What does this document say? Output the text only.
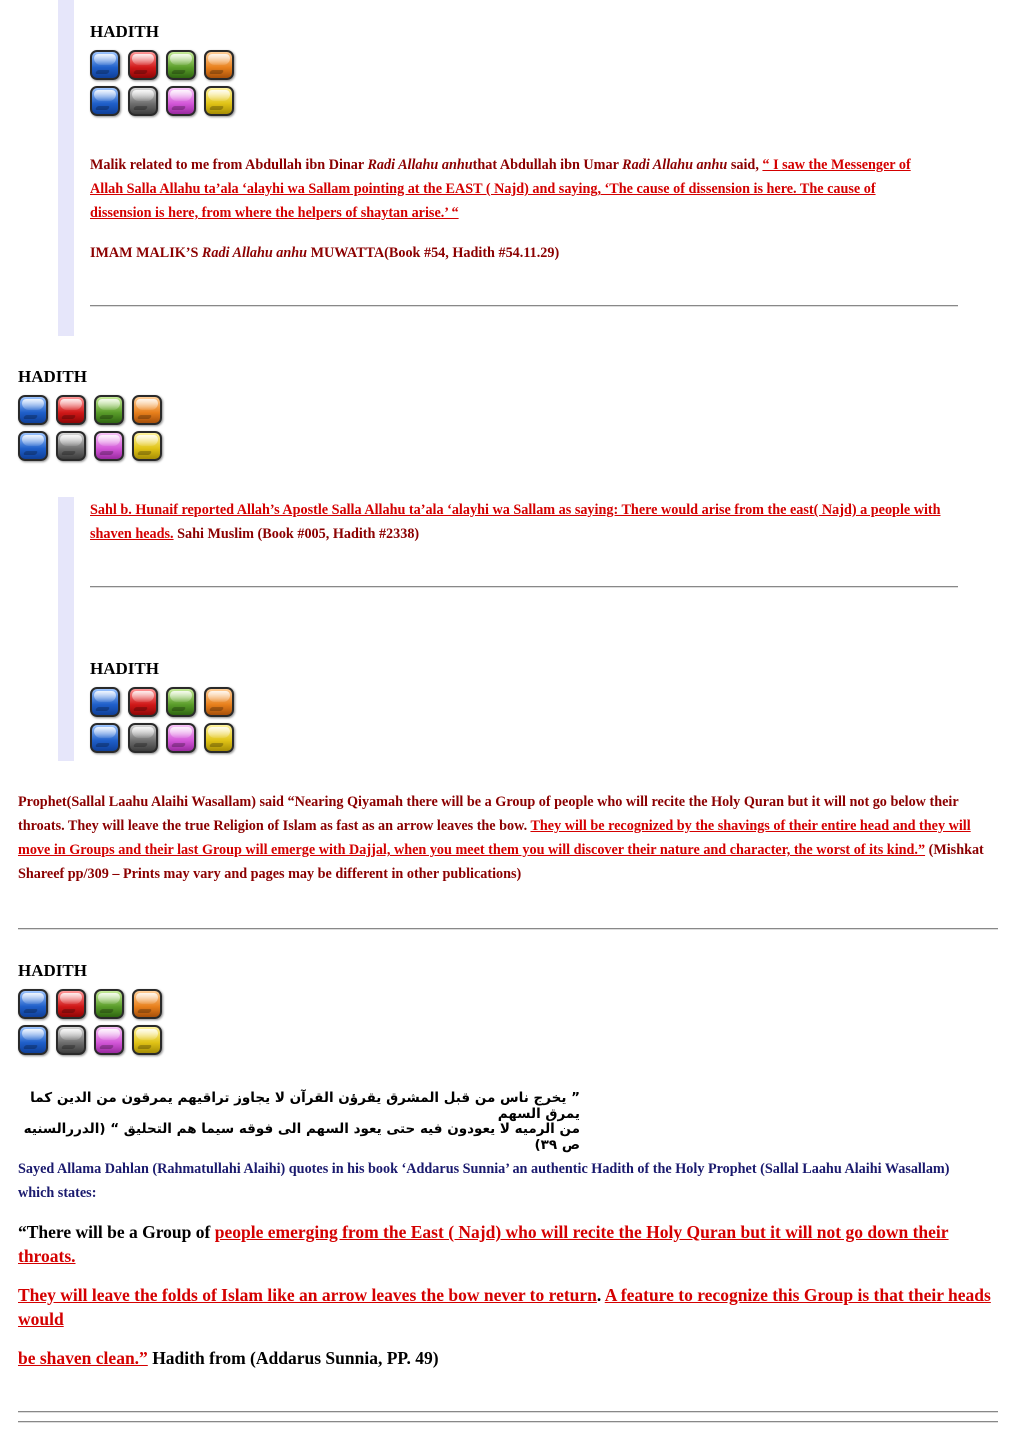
HADITH
Malik related to me from Abdullah ibn Dinar Radi Allahu anhuthat Abdullah ibn Umar Radi Allahu anhu said, “ I saw the Messenger of Allah Salla Allahu ta’ala ‘alayhi wa Sallam pointing at the EAST ( Najd) and saying, ‘The cause of dissension is here. The cause of dissension is here, from where the helpers of shaytan arise.’ “
IMAM MALIK’S Radi Allahu anhu MUWATTA(Book #54, Hadith #54.11.29)
HADITH
Sahl b. Hunaif reported Allah’s Apostle Salla Allahu ta’ala ‘alayhi wa Sallam as saying: There would arise from the east( Najd) a people with shaven heads. Sahi Muslim (Book #005, Hadith #2338)
HADITH
Prophet(Sallal Laahu Alaihi Wasallam) said “Nearing Qiyamah there will be a Group of people who will recite the Holy Quran but it will not go below their throats. They will leave the true Religion of Islam as fast as an arrow leaves the bow. They will be recognized by the shavings of their entire head and they will move in Groups and their last Group will emerge with Dajjal, when you meet them you will discover their nature and character, the worst of its kind.” (Mishkat Shareef pp/309 – Prints may vary and pages may be different in other publications)
HADITH
” يخرج ناس من قبل المشرق يقرؤن القرآن لا يجاوز تراقيهم يمرقون من الدين كما يمرق السهم
من الرميه لا يعودون فيه حتى يعود السهم الى فوقه سيما هم التحليق “ (الدررالسنيه ص ٣٩)
Sayed Allama Dahlan (Rahmatullahi Alaihi) quotes in his book ‘Addarus Sunnia’ an authentic Hadith of the Holy Prophet (Sallal Laahu Alaihi Wasallam) which states:
“There will be a Group of people emerging from the East ( Najd) who will recite the Holy Quran but it will not go down their throats.
They will leave the folds of Islam like an arrow leaves the bow never to return. A feature to recognize this Group is that their heads would
be shaven clean.” Hadith from (Addarus Sunnia, PP. 49)
